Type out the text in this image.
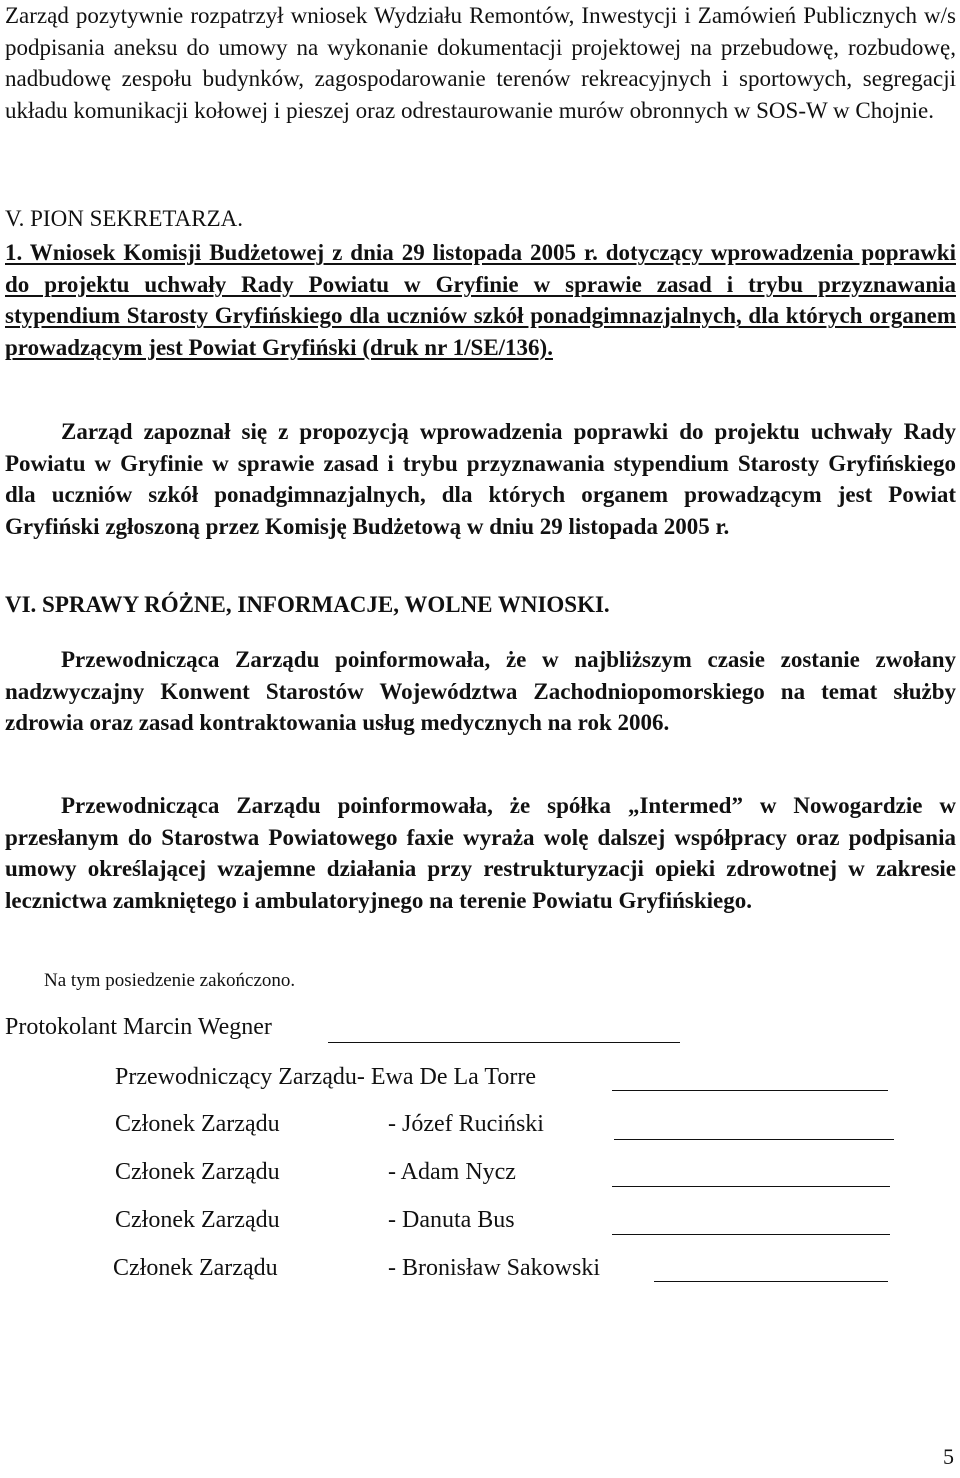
Zarząd pozytywnie rozpatrzył wniosek Wydziału Remontów, Inwestycji i Zamówień Publicznych w/s podpisania aneksu do umowy na wykonanie dokumentacji projektowej na przebudowę, rozbudowę, nadbudowę zespołu budynków, zagospodarowanie terenów rekreacyjnych i sportowych, segregacji układu komunikacji kołowej i pieszej oraz odrestaurowanie murów obronnych w SOS-W w Chojnie.

V. PION SEKRETARZA.

1. Wniosek Komisji Budżetowej z dnia 29 listopada 2005 r. dotyczący wprowadzenia poprawki do projektu uchwały Rady Powiatu w Gryfinie w sprawie zasad i trybu przyznawania stypendium Starosty Gryfińskiego dla uczniów szkół ponadgimnazjalnych, dla których organem prowadzącym jest Powiat Gryfiński (druk nr 1/SE/136).

Zarząd zapoznał się z propozycją wprowadzenia poprawki do projektu uchwały Rady Powiatu w Gryfinie w sprawie zasad i trybu przyznawania stypendium Starosty Gryfińskiego dla uczniów szkół ponadgimnazjalnych, dla których organem prowadzącym jest Powiat Gryfiński zgłoszoną przez Komisję Budżetową w dniu 29 listopada 2005 r.

VI. SPRAWY RÓŻNE, INFORMACJE, WOLNE WNIOSKI.

Przewodnicząca Zarządu poinformowała, że w najbliższym czasie zostanie zwołany nadzwyczajny Konwent Starostów Województwa Zachodniopomorskiego na temat służby zdrowia oraz zasad kontraktowania usług medycznych na rok 2006.

Przewodnicząca Zarządu poinformowała, że spółka „Intermed” w Nowogardzie w przesłanym do Starostwa Powiatowego faxie wyraża wolę dalszej współpracy oraz podpisania umowy określającej wzajemne działania przy restrukturyzacji opieki zdrowotnej w zakresie lecznictwa zamkniętego i ambulatoryjnego na terenie Powiatu Gryfińskiego.

Na tym posiedzenie zakończono.

Protokolant Marcin Wegner
Przewodniczący Zarządu- Ewa De La Torre
Członek Zarządu	- Józef Ruciński
Członek Zarządu	- Adam Nycz
Członek Zarządu	- Danuta Bus
Członek Zarządu	- Bronisław Sakowski
5
